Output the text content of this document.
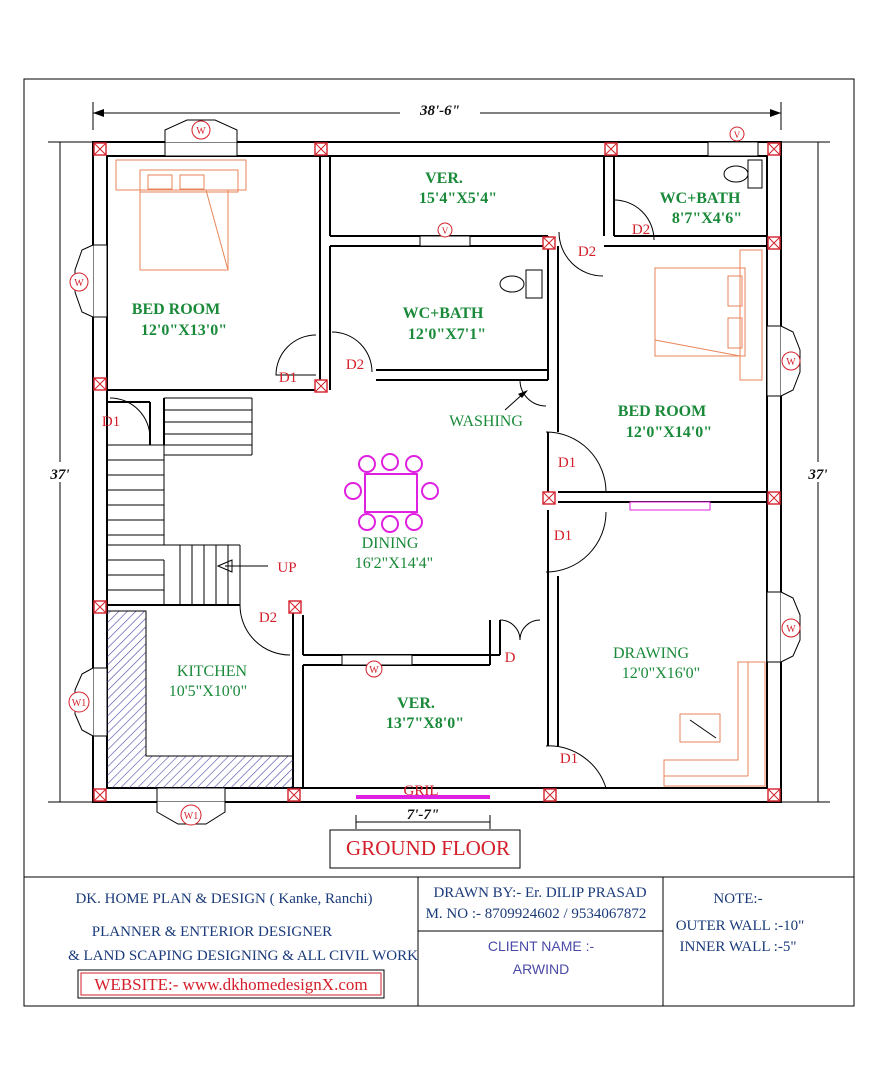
38'-6"
37'	37'
W
W
W
W
W1
W1
W
V
V
BED ROOM
12'0"X13'0"
VER.
15'4"X5'4"	WC+BATH
8'7"X4'6"
WC+BATH
12'0"X7'1"
BED ROOM
12'0"X14'0"
DINING
16'2"X14'4"
KITCHEN
10'5"X10'0"
VER.
13'7"X8'0"
DRAWING
12'0"X16'0"
WASHING
D1
D2
D2
D2
D1
D1
D1
D2
D
D1
UP
GRIL
7'-7"
GROUND FLOOR
DK. HOME PLAN & DESIGN ( Kanke, Ranchi)
PLANNER & ENTERIOR DESIGNER
& LAND SCAPING DESIGNING & ALL CIVIL WORK
WEBSITE:- www.dkhomedesignX.com
DRAWN BY:- Er. DILIP PRASAD
M. NO :- 8709924602 / 9534067872
CLIENT NAME :-
ARWIND
NOTE:-
OUTER WALL :-10"
INNER WALL :-5"
